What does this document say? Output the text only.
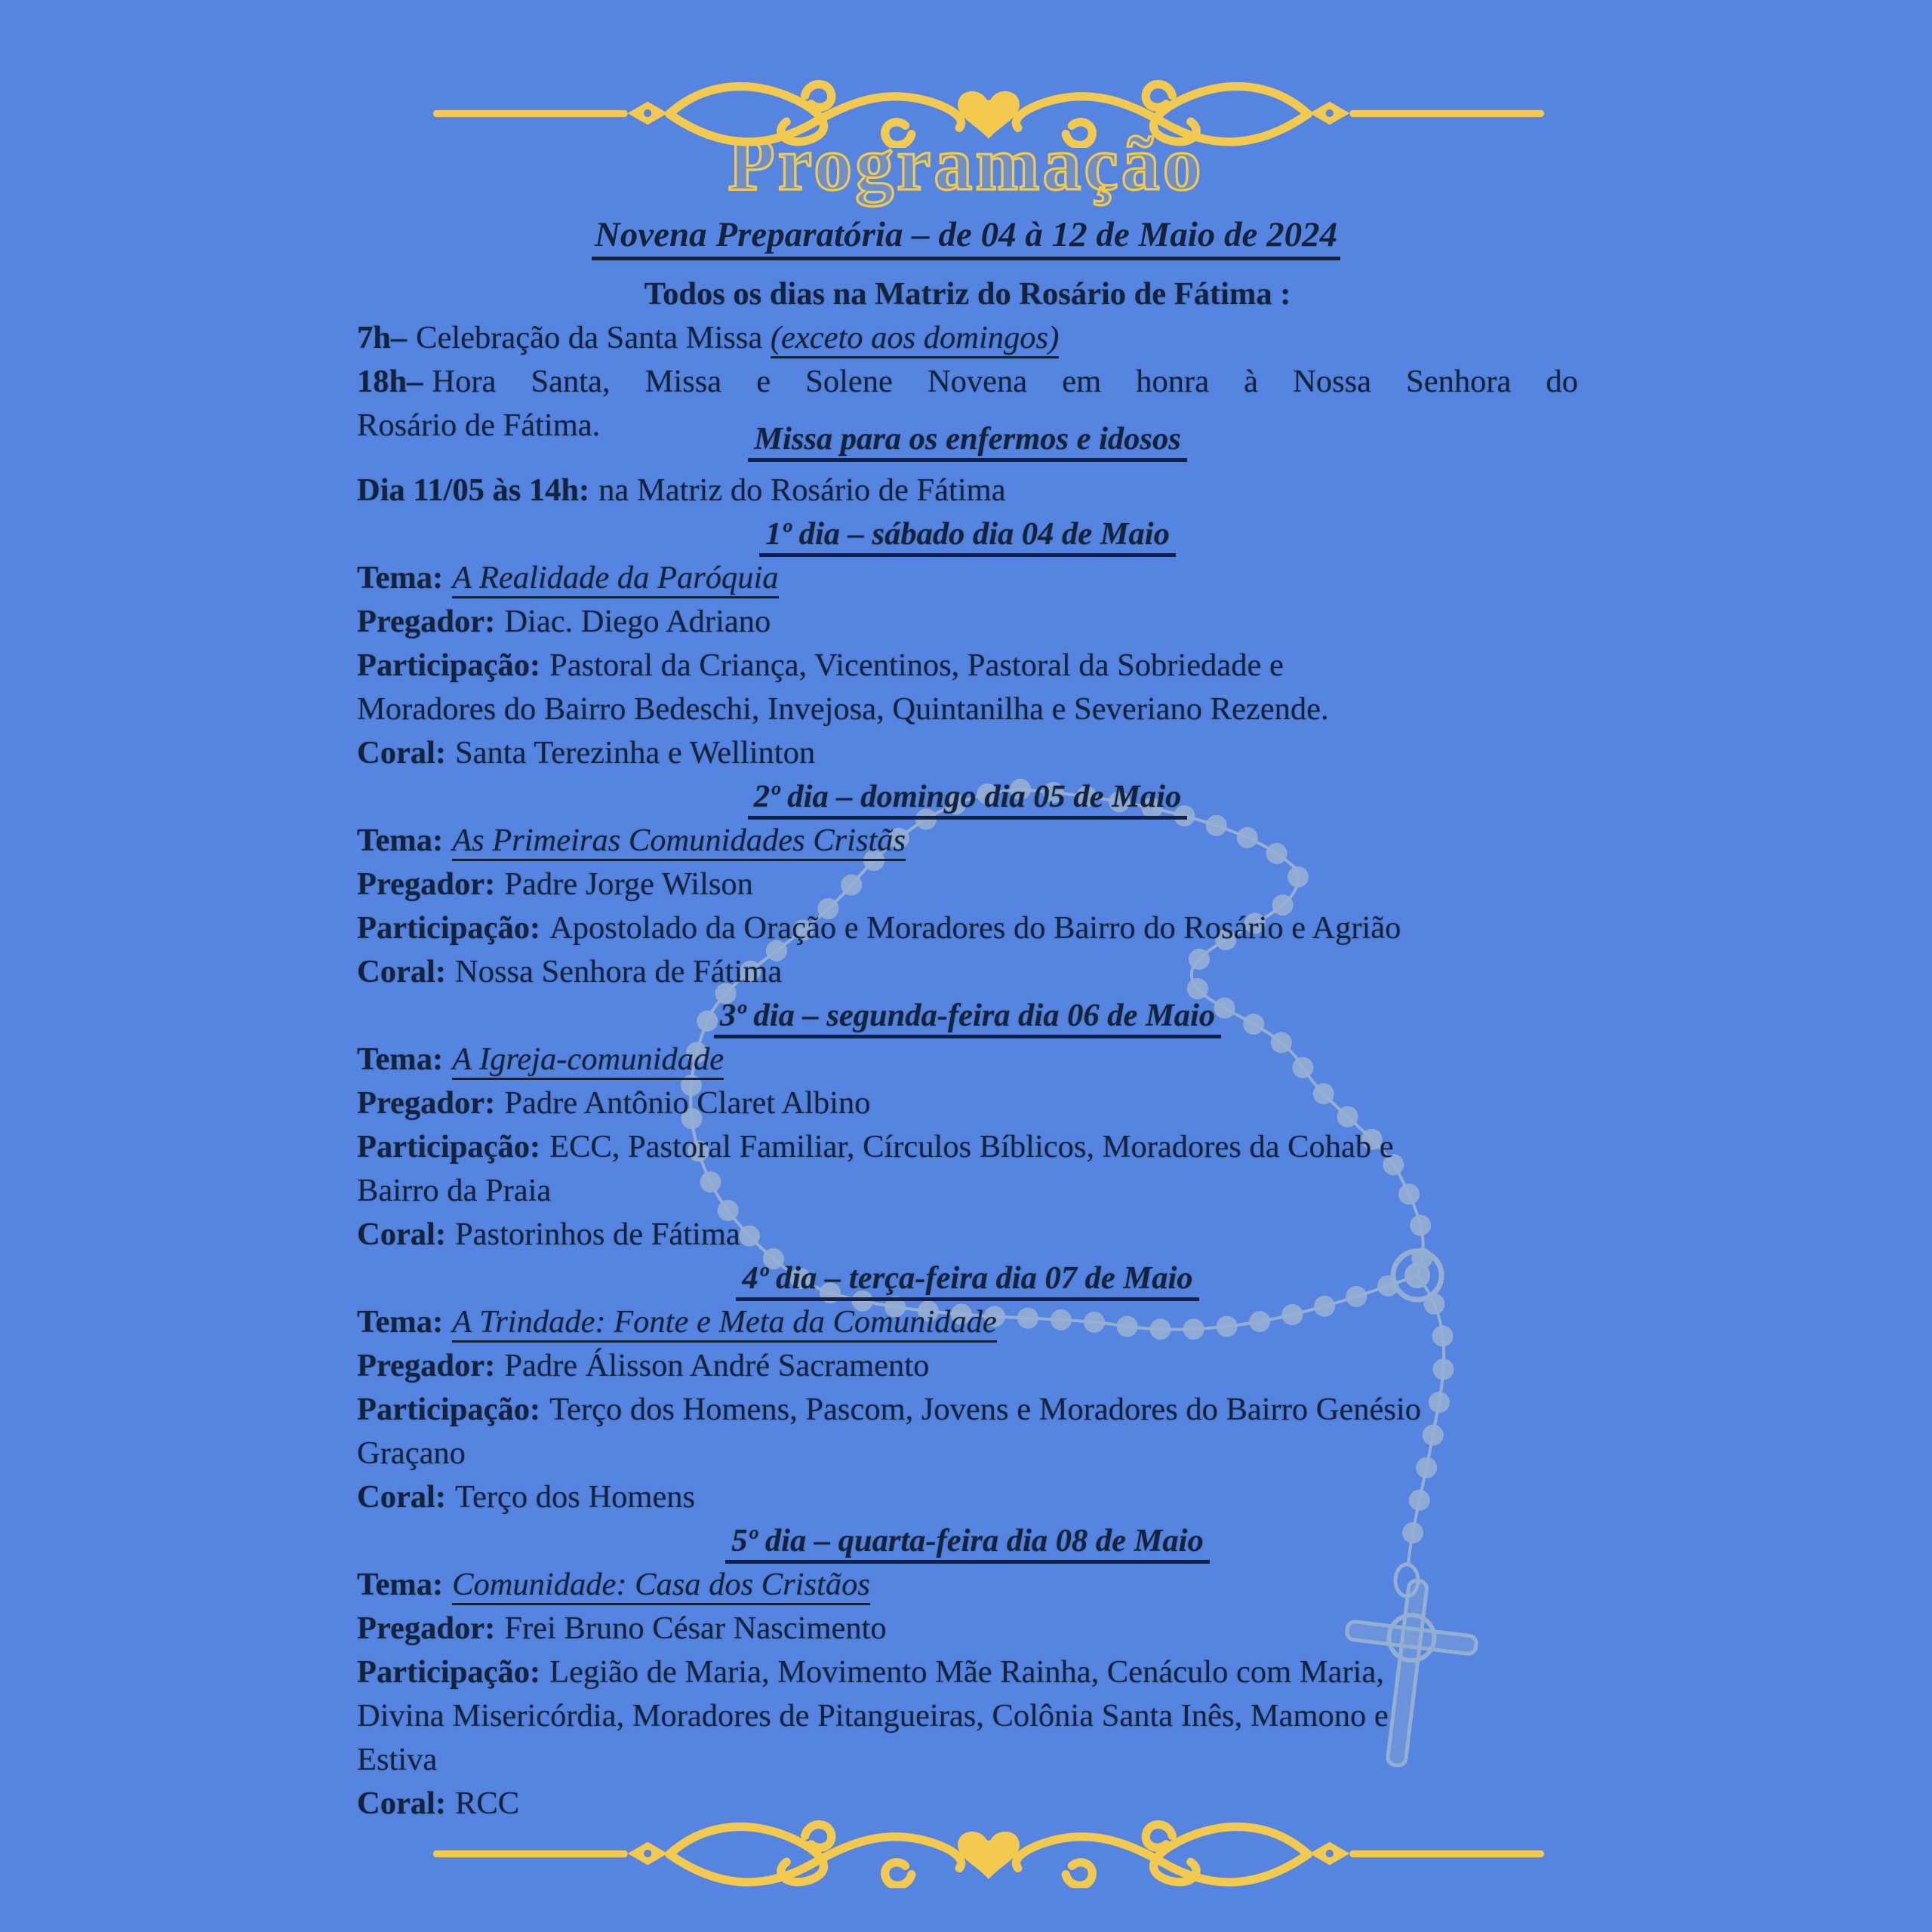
Programação
Novena Preparatória – de 04 à 12 de Maio de 2024
Todos os dias na Matriz do Rosário de Fátima :
7h– Celebração da Santa Missa (exceto aos domingos)
18h– Hora Santa, Missa e Solene Novena em honra à Nossa Senhora do
Rosário de Fátima.	Missa para os enfermos e idosos
Dia 11/05 às 14h: na Matriz do Rosário de Fátima
1º dia – sábado dia 04 de Maio
Tema: A Realidade da Paróquia
Pregador: Diac. Diego Adriano
Participação: Pastoral da Criança, Vicentinos, Pastoral da Sobriedade e
Moradores do Bairro Bedeschi, Invejosa, Quintanilha e Severiano Rezende.
Coral: Santa Terezinha e Wellinton
2º dia – domingo dia 05 de Maio
Tema: As Primeiras Comunidades Cristãs
Pregador: Padre Jorge Wilson
Participação: Apostolado da Oração e Moradores do Bairro do Rosário e Agrião
Coral: Nossa Senhora de Fátima
3º dia – segunda-feira dia 06 de Maio
Tema: A Igreja-comunidade
Pregador: Padre Antônio Claret Albino
Participação: ECC, Pastoral Familiar, Círculos Bíblicos, Moradores da Cohab e
Bairro da Praia
Coral: Pastorinhos de Fátima
4º dia – terça-feira dia 07 de Maio
Tema: A Trindade: Fonte e Meta da Comunidade
Pregador: Padre Álisson André Sacramento
Participação: Terço dos Homens, Pascom, Jovens e Moradores do Bairro Genésio
Graçano
Coral: Terço dos Homens
5º dia – quarta-feira dia 08 de Maio
Tema: Comunidade: Casa dos Cristãos
Pregador: Frei Bruno César Nascimento
Participação: Legião de Maria, Movimento Mãe Rainha, Cenáculo com Maria,
Divina Misericórdia, Moradores de Pitangueiras, Colônia Santa Inês, Mamono e
Estiva
Coral: RCC
